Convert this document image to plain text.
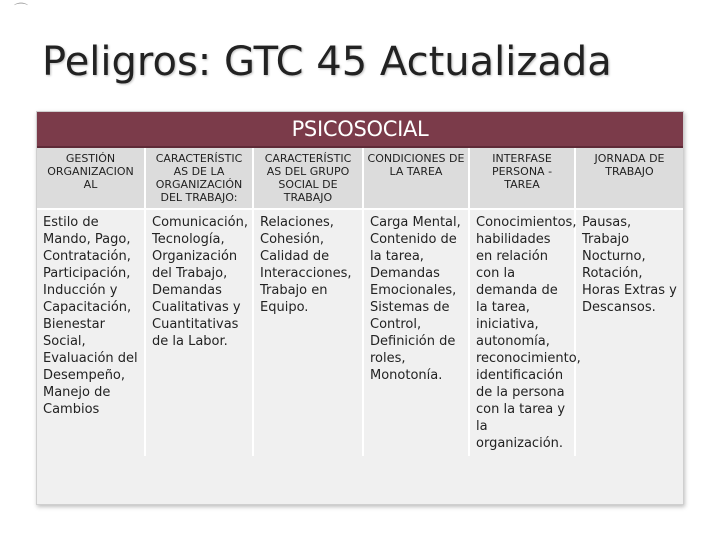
⌒
Peligros: GTC 45 Actualizada
PSICOSOCIAL
GESTIÓN ORGANIZACION AL	CARACTERÍSTIC AS DE LA ORGANIZACIÓN DEL TRABAJO:	CARACTERÍSTIC AS DEL GRUPO SOCIAL DE TRABAJO	CONDICIONES DE LA TAREA	INTERFASE PERSONA - TAREA	JORNADA DE TRABAJO
Estilo de Mando, Pago, Contratación, Participación, Inducción y Capacitación, Bienestar Social, Evaluación del Desempeño, Manejo de Cambios	Comunicación, Tecnología, Organización del Trabajo, Demandas Cualitativas y Cuantitativas de la Labor.	Relaciones, Cohesión, Calidad de Interacciones, Trabajo en Equipo.	Carga Mental, Contenido de la tarea, Demandas Emocionales, Sistemas de Control, Definición de roles, Monotonía.	Conocimientos, habilidades en relación con la demanda de la tarea, iniciativa, autonomía, reconocimiento, identificación de la persona con la tarea y la organización.	Pausas, Trabajo Nocturno, Rotación, Horas Extras y Descansos.
